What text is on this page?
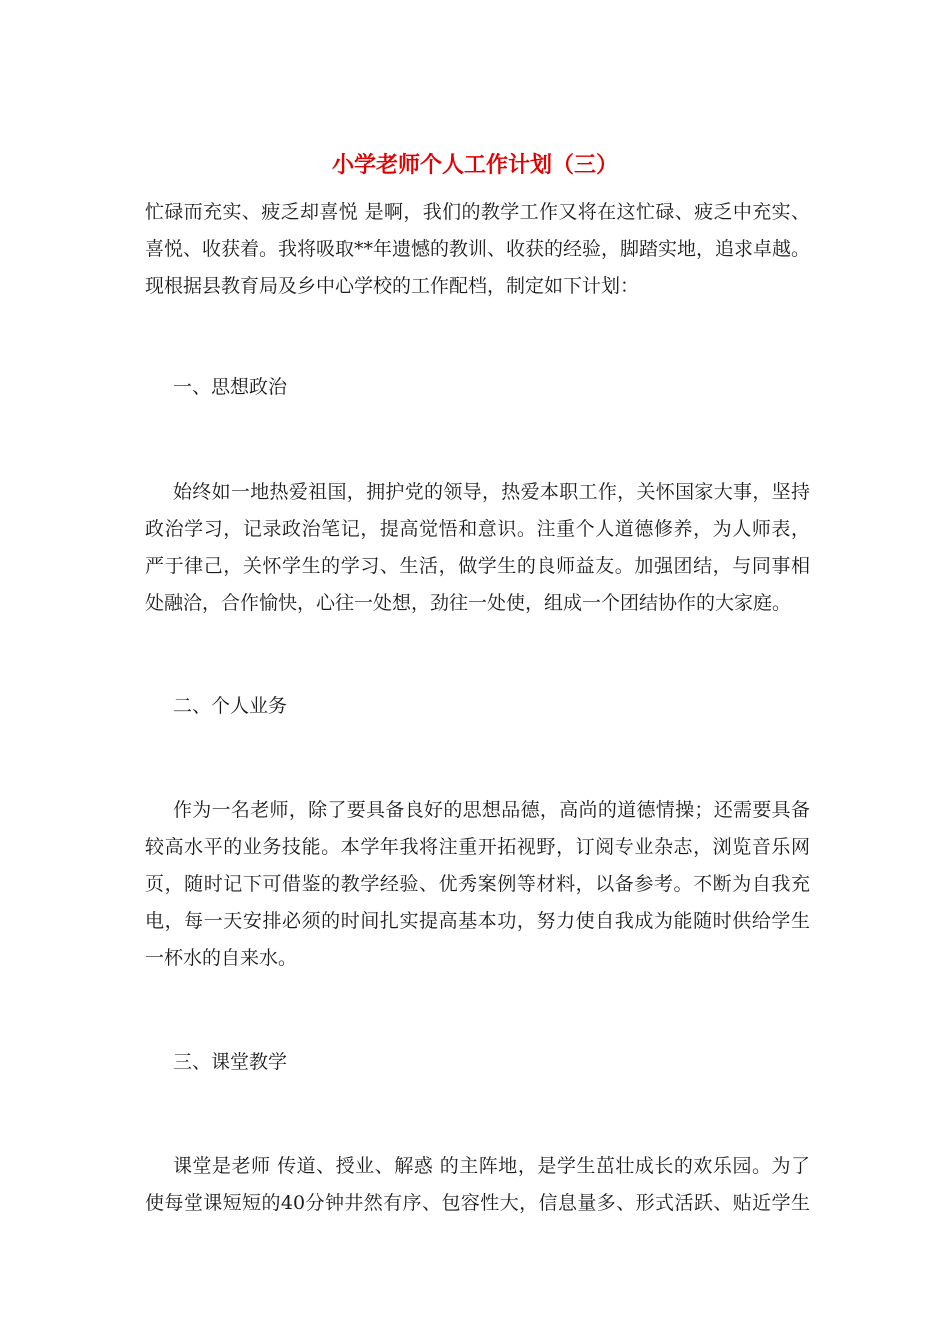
小学老师个人工作计划（三）
忙碌而充实、疲乏却喜悦 是啊，我们的教学工作又将在这忙碌、疲乏中充实、
喜悦、收获着。我将吸取**年遗憾的教训、收获的经验，脚踏实地，追求卓越。
现根据县教育局及乡中心学校的工作配档，制定如下计划：
一、思想政治
始终如一地热爱祖国，拥护党的领导，热爱本职工作，关怀国家大事，坚持
政治学习，记录政治笔记，提高觉悟和意识。注重个人道德修养，为人师表，
严于律己，关怀学生的学习、生活，做学生的良师益友。加强团结，与同事相
处融洽，合作愉快，心往一处想，劲往一处使，组成一个团结协作的大家庭。
二、个人业务
作为一名老师，除了要具备良好的思想品德，高尚的道德情操；还需要具备
较高水平的业务技能。本学年我将注重开拓视野，订阅专业杂志，浏览音乐网
页，随时记下可借鉴的教学经验、优秀案例等材料，以备参考。不断为自我充
电，每一天安排必须的时间扎实提高基本功，努力使自我成为能随时供给学生
一杯水的自来水。
三、课堂教学
课堂是老师 传道、授业、解惑 的主阵地，是学生茁壮成长的欢乐园。为了
使每堂课短短的40分钟井然有序、包容性大，信息量多、形式活跃、贴近学生
